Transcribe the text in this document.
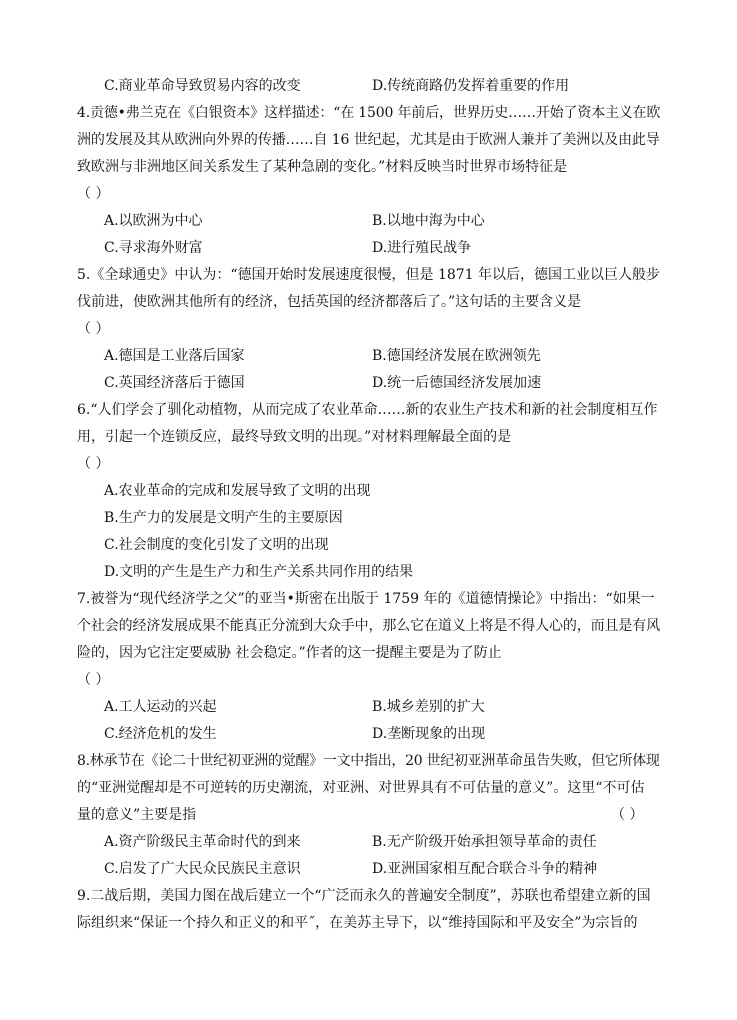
C.商业革命导致贸易内容的改变	D.传统商路仍发挥着重要的作用
4.贡德•弗兰克在《白银资本》这样描述：“在 1500 年前后，世界历史……开始了资本主义在欧
洲的发展及其从欧洲向外界的传播……自 16 世纪起，尤其是由于欧洲人兼并了美洲以及由此导
致欧洲与非洲地区间关系发生了某种急剧的变化。”材料反映当时世界市场特征是
（ ）
A.以欧洲为中心	B.以地中海为中心
C.寻求海外财富	D.进行殖民战争
5.《全球通史》中认为：“德国开始时发展速度很慢，但是 1871 年以后，德国工业以巨人般步
伐前进，使欧洲其他所有的经济，包括英国的经济都落后了。”这句话的主要含义是
（ ）
A.德国是工业落后国家	B.德国经济发展在欧洲领先
C.英国经济落后于德国	D.统一后德国经济发展加速
6.“人们学会了驯化动植物，从而完成了农业革命……新的农业生产技术和新的社会制度相互作
用，引起一个连锁反应，最终导致文明的出现。”对材料理解最全面的是
（ ）
A.农业革命的完成和发展导致了文明的出现
B.生产力的发展是文明产生的主要原因
C.社会制度的变化引发了文明的出现
D.文明的产生是生产力和生产关系共同作用的结果
7.被誉为“现代经济学之父”的亚当•斯密在出版于 1759 年的《道德情操论》中指出：“如果一
个社会的经济发展成果不能真正分流到大众手中，那么它在道义上将是不得人心的，而且是有风
险的，因为它注定要威胁 社会稳定。”作者的这一提醒主要是为了防止
（ ）
A.工人运动的兴起	B.城乡差别的扩大
C.经济危机的发生	D.垄断现象的出现
8.林承节在《论二十世纪初亚洲的觉醒》一文中指出，20 世纪初亚洲革命虽告失败，但它所体现
的“亚洲觉醒却是不可逆转的历史潮流，对亚洲、对世界具有不可估量的意义”。这里“不可估
量的意义”主要是指	（ ）
A.资产阶级民主革命时代的到来	B.无产阶级开始承担领导革命的责任
C.启发了广大民众民族民主意识	D.亚洲国家相互配合联合斗争的精神
9.二战后期，美国力图在战后建立一个“广泛而永久的普遍安全制度”，苏联也希望建立新的国
际组织来“保证一个持久和正义的和平˝，在美苏主导下，以“维持国际和平及安全”为宗旨的
